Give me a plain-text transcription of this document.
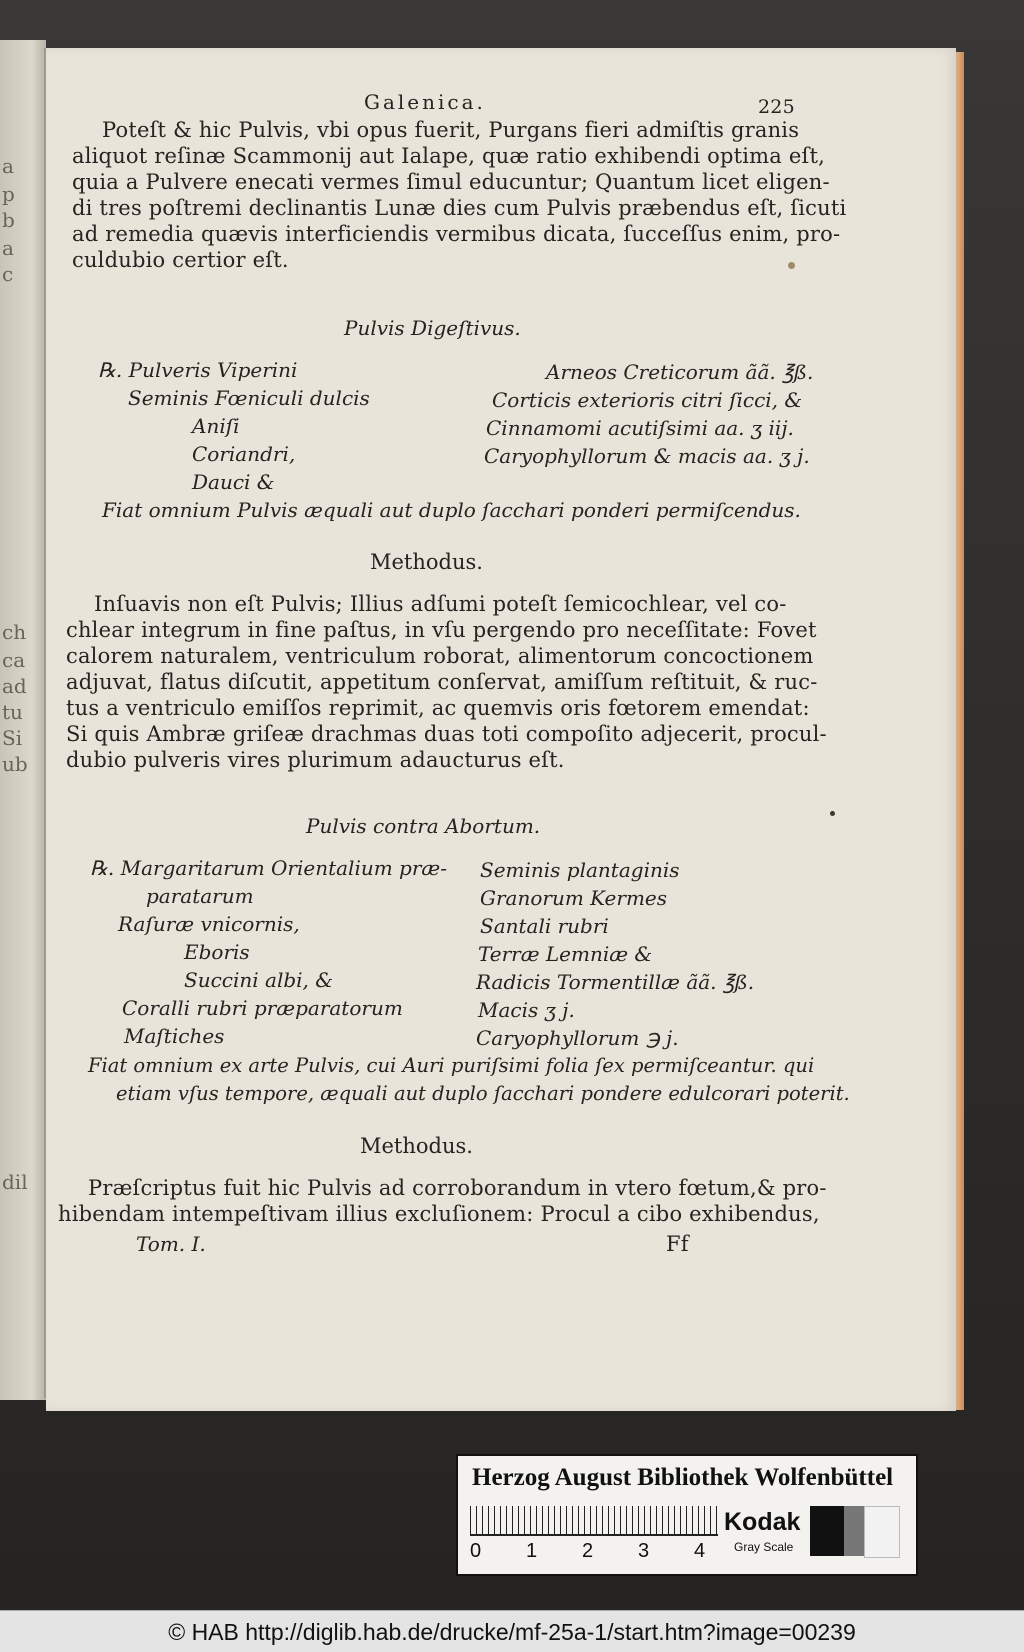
a
p
b
a
c
ch
ca
ad
tu
Si
ub
dil
Galenica.	225
Poteſt & hic Pulvis, vbi opus fuerit, Purgans fieri admiſtis granis
aliquot reſinæ Scammonij aut Ialape, quæ ratio exhibendi optima eſt,
quia a Pulvere enecati vermes ſimul educuntur; Quantum licet eligen-
di tres poſtremi declinantis Lunæ dies cum Pulvis præbendus eſt, ſicuti
ad remedia quævis interficiendis vermibus dicata, ſucceſſus enim, pro-
culdubio certior eſt.
Pulvis Digeſtivus.
℞. Pulveris Viperini
Seminis Fœniculi dulcis
Aniſi
Coriandri,
Dauci &
Arneos Creticorum ãã. ℥ß.
Corticis exterioris citri ſicci, &
Cinnamomi acutiſsimi aa. ʒ iij.
Caryophyllorum & macis aa. ʒ j.
Fiat omnium Pulvis æquali aut duplo ſacchari ponderi permiſcendus.
Methodus.
Inſuavis non eſt Pulvis; Illius adſumi poteſt ſemicochlear, vel co-
chlear integrum in fine paſtus, in vſu pergendo pro neceſſitate: Fovet
calorem naturalem, ventriculum roborat, alimentorum concoctionem
adjuvat, flatus diſcutit, appetitum conſervat, amiſſum reſtituit, & ruc-
tus a ventriculo emiſſos reprimit, ac quemvis oris fœtorem emendat:
Si quis Ambræ griſeæ drachmas duas toti compoſito adjecerit, procul-
dubio pulveris vires plurimum adaucturus eſt.
Pulvis contra Abortum.
℞. Margaritarum Orientalium præ-
paratarum
Raſuræ vnicornis,
Eboris
Succini albi, &
Coralli rubri præparatorum
Maſtiches
Seminis plantaginis
Granorum Kermes
Santali rubri
Terræ Lemniæ &
Radicis Tormentillæ ãã. ℥ß.
Macis ʒ j.
Caryophyllorum ℈ j.
Fiat omnium ex arte Pulvis, cui Auri puriſsimi folia ſex permiſceantur. qui
etiam vſus tempore, æquali aut duplo ſacchari pondere edulcorari poterit.
Methodus.
Præſcriptus fuit hic Pulvis ad corroborandum in vtero fœtum,& pro-
hibendam intempeſtivam illius excluſionem: Procul a cibo exhibendus,
Tom. I.	Ff
Herzog August Bibliothek Wolfenbüttel
0 1 2 3 4
Kodak
Gray Scale
© HAB http://diglib.hab.de/drucke/mf-25a-1/start.htm?image=00239
